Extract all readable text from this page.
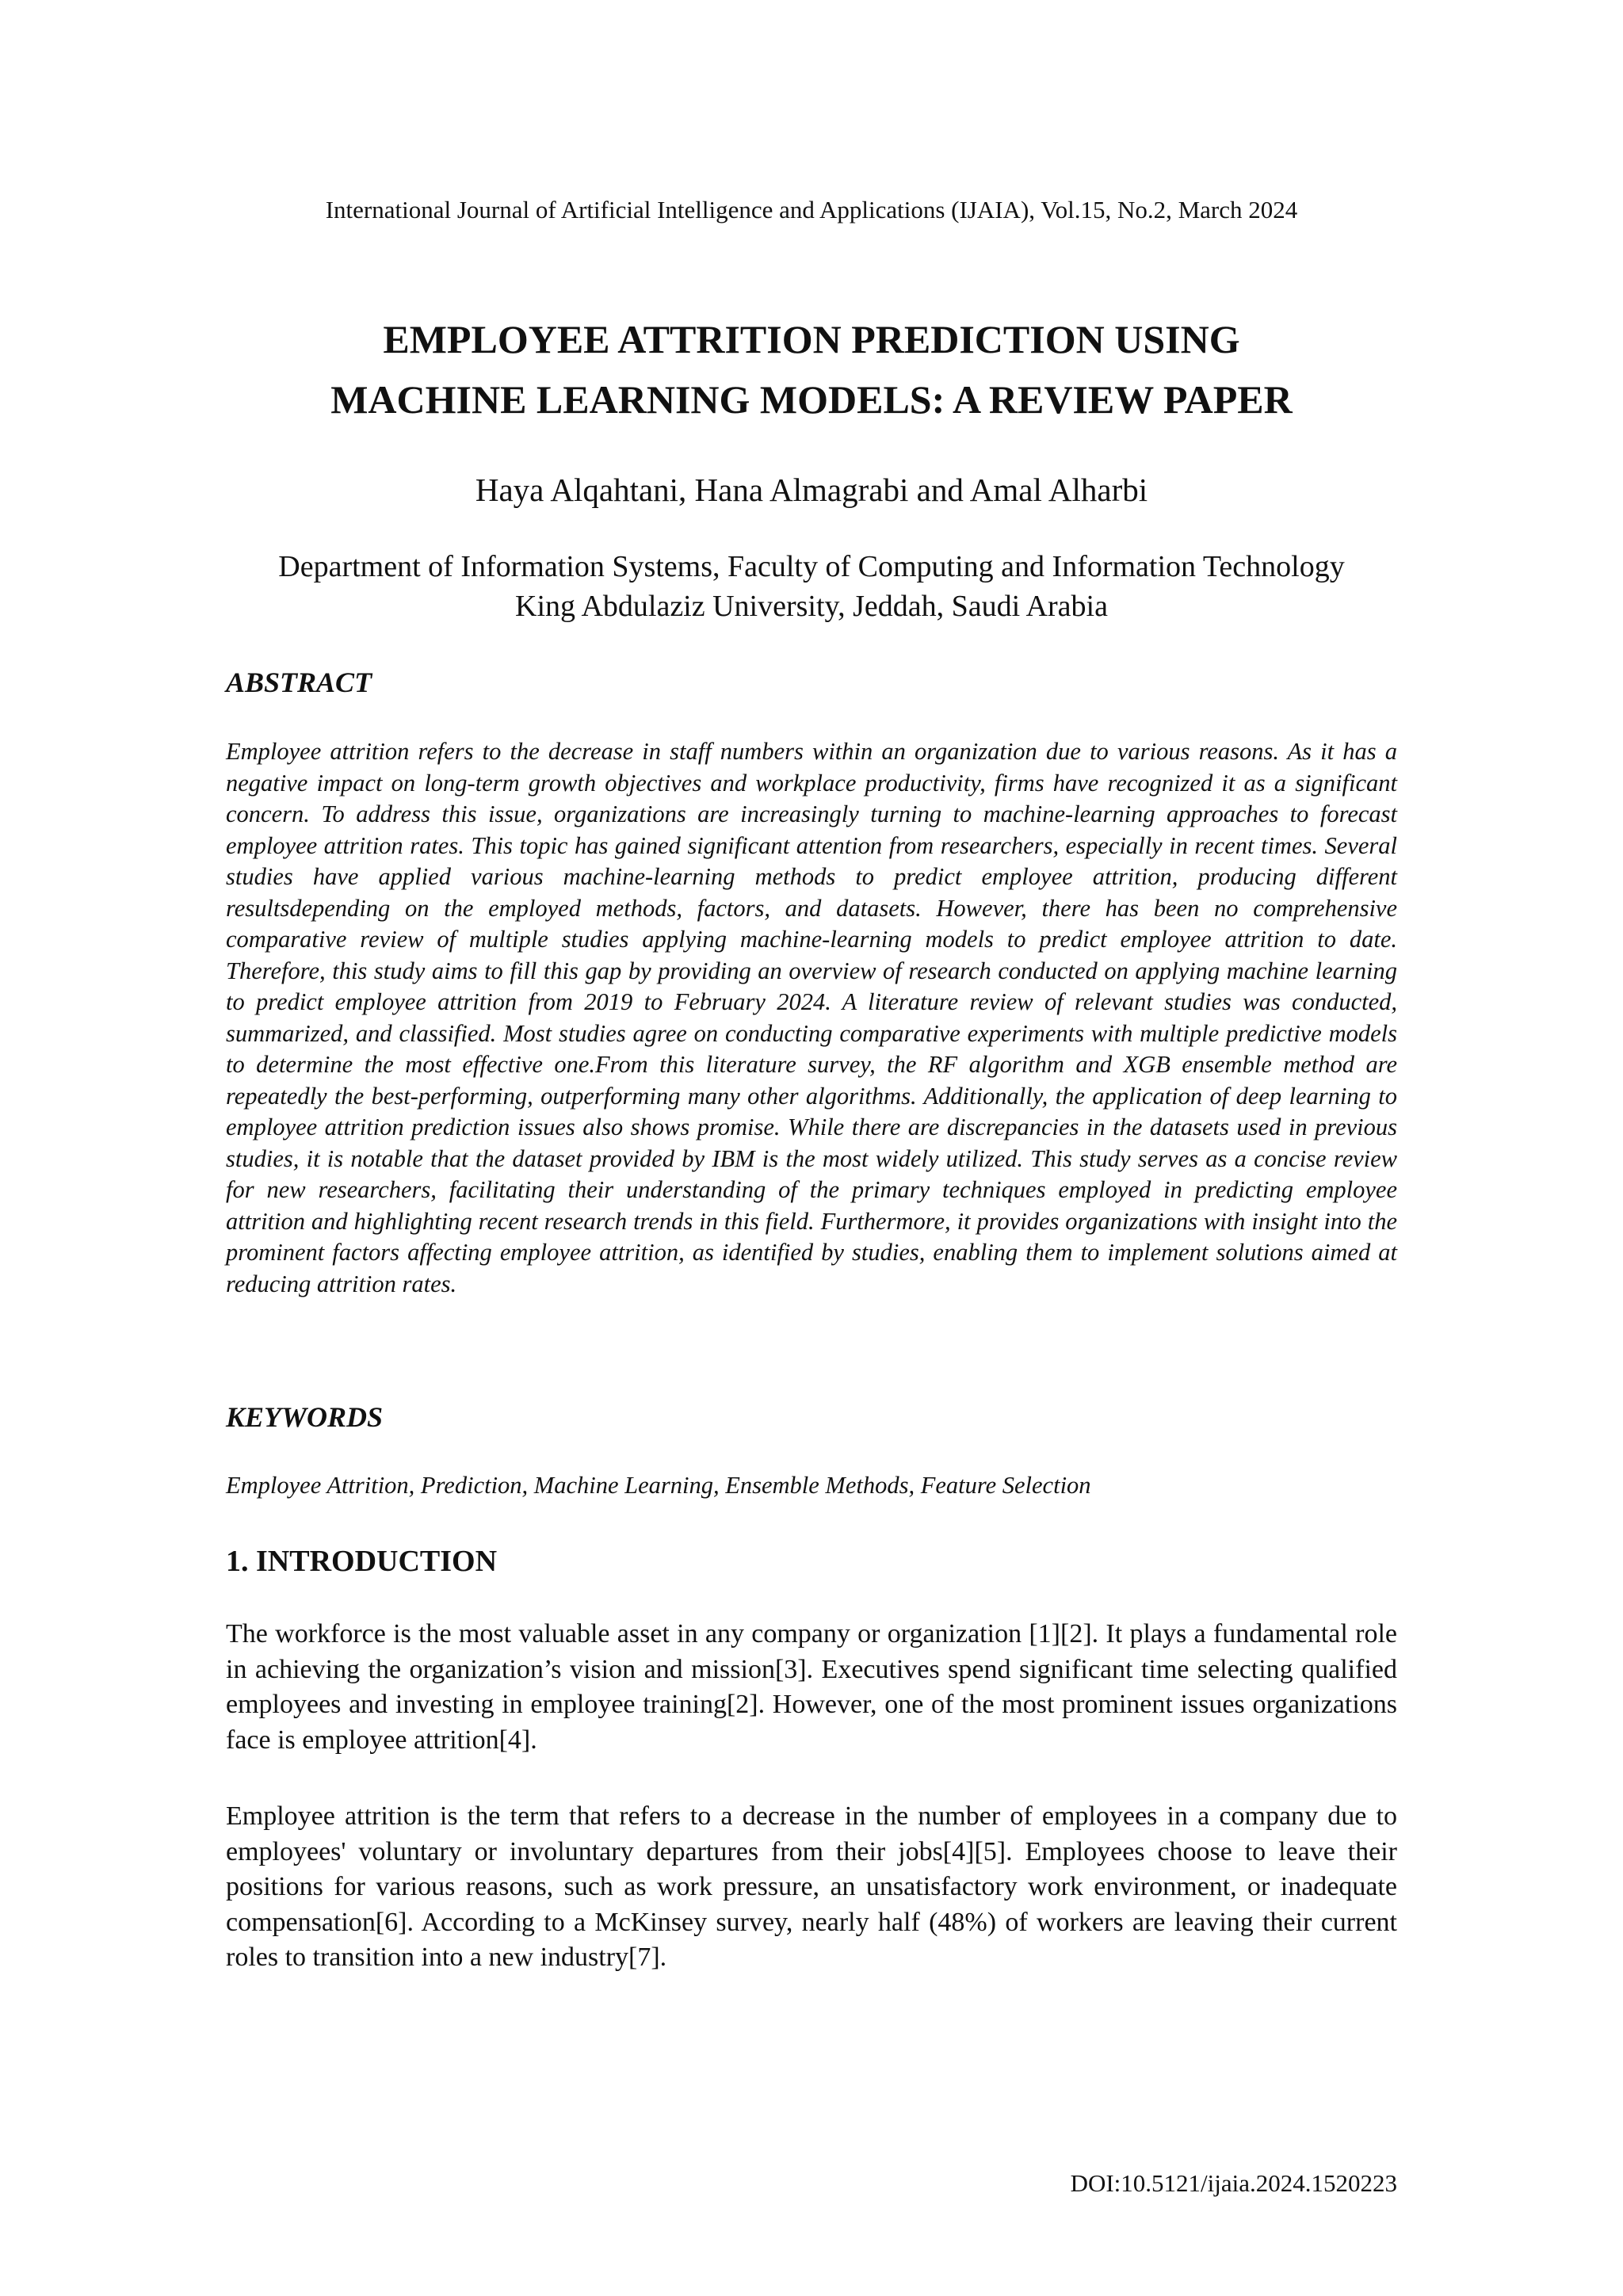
International Journal of Artificial Intelligence and Applications (IJAIA), Vol.15, No.2, March 2024
EMPLOYEE ATTRITION PREDICTION USING
MACHINE LEARNING MODELS: A REVIEW PAPER
Haya Alqahtani, Hana Almagrabi and Amal Alharbi
Department of Information Systems, Faculty of Computing and Information Technology
King Abdulaziz University, Jeddah, Saudi Arabia
ABSTRACT

Employee attrition refers to the decrease in staff numbers within an organization due to various reasons. As it has a negative impact on long-term growth objectives and workplace productivity, firms have recognized it as a significant concern. To address this issue, organizations are increasingly turning to machine-learning approaches to forecast employee attrition rates. This topic has gained significant attention from researchers, especially in recent times. Several studies have applied various machine-learning methods to predict employee attrition, producing different resultsdepending on the employed methods, factors, and datasets. However, there has been no comprehensive comparative review of multiple studies applying machine-learning models to predict employee attrition to date. Therefore, this study aims to fill this gap by providing an overview of research conducted on applying machine learning to predict employee attrition from 2019 to February 2024. A literature review of relevant studies was conducted, summarized, and classified. Most studies agree on conducting comparative experiments with multiple predictive models to determine the most effective one.From this literature survey, the RF algorithm and XGB ensemble method are repeatedly the best-performing, outperforming many other algorithms. Additionally, the application of deep learning to employee attrition prediction issues also shows promise. While there are discrepancies in the datasets used in previous studies, it is notable that the dataset provided by IBM is the most widely utilized. This study serves as a concise review for new researchers, facilitating their understanding of the primary techniques employed in predicting employee attrition and highlighting recent research trends in this field. Furthermore, it provides organizations with insight into the prominent factors affecting employee attrition, as identified by studies, enabling them to implement solutions aimed at reducing attrition rates.

KEYWORDS

Employee Attrition, Prediction, Machine Learning, Ensemble Methods, Feature Selection

1. INTRODUCTION

The workforce is the most valuable asset in any company or organization [1][2]. It plays a fundamental role in achieving the organization’s vision and mission[3]. Executives spend significant time selecting qualified employees and investing in employee training[2]. However, one of the most prominent issues organizations face is employee attrition[4].

Employee attrition is the term that refers to a decrease in the number of employees in a company due to employees' voluntary or involuntary departures from their jobs[4][5]. Employees choose to leave their positions for various reasons, such as work pressure, an unsatisfactory work environment, or inadequate compensation[6]. According to a McKinsey survey, nearly half (48%) of workers are leaving their current roles to transition into a new industry[7].

DOI:10.5121/ijaia.2024.1520223
